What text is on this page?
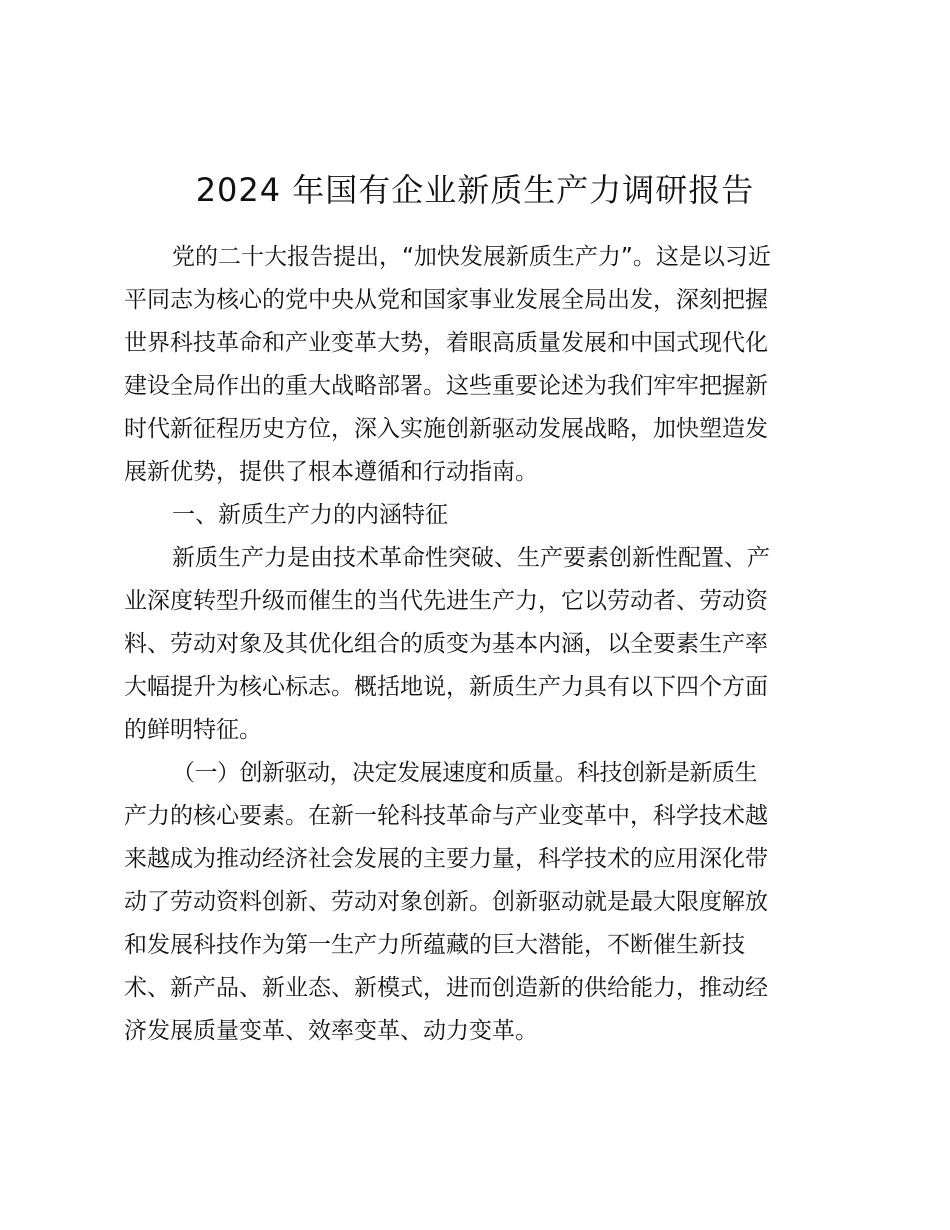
2024 年国有企业新质生产力调研报告
党的二十大报告提出，“加快发展新质生产力”。这是以习近
平同志为核心的党中央从党和国家事业发展全局出发，深刻把握
世界科技革命和产业变革大势，着眼高质量发展和中国式现代化
建设全局作出的重大战略部署。这些重要论述为我们牢牢把握新
时代新征程历史方位，深入实施创新驱动发展战略，加快塑造发
展新优势，提供了根本遵循和行动指南。
一、新质生产力的内涵特征
新质生产力是由技术革命性突破、生产要素创新性配置、产
业深度转型升级而催生的当代先进生产力，它以劳动者、劳动资
料、劳动对象及其优化组合的质变为基本内涵，以全要素生产率
大幅提升为核心标志。概括地说，新质生产力具有以下四个方面
的鲜明特征。
（一）创新驱动，决定发展速度和质量。科技创新是新质生
产力的核心要素。在新一轮科技革命与产业变革中，科学技术越
来越成为推动经济社会发展的主要力量，科学技术的应用深化带
动了劳动资料创新、劳动对象创新。创新驱动就是最大限度解放
和发展科技作为第一生产力所蕴藏的巨大潜能，不断催生新技
术、新产品、新业态、新模式，进而创造新的供给能力，推动经
济发展质量变革、效率变革、动力变革。
